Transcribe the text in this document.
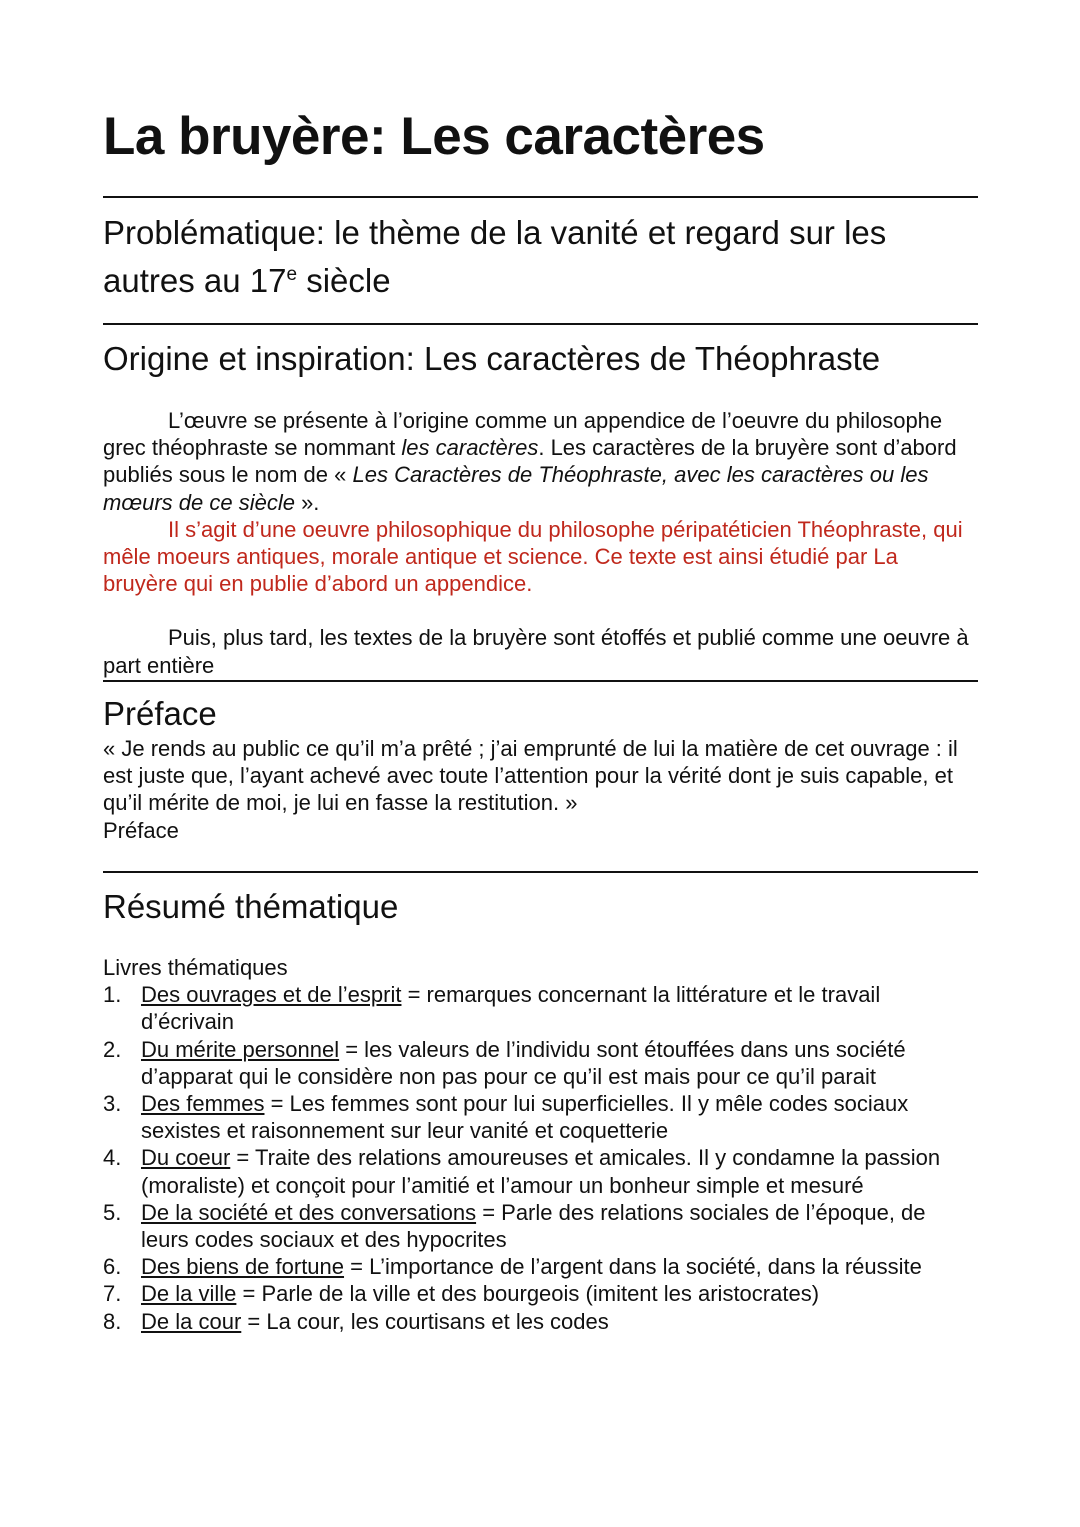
La bruyère: Les caractères
Problématique: le thème de la vanité et regard sur les autres au 17e siècle
Origine et inspiration: Les caractères de Théophraste

L’œuvre se présente à l’origine comme un appendice de l’oeuvre du philosophe grec théophraste se nommant les caractères. Les caractères de la bruyère sont d’abord publiés sous le nom de « Les Caractères de Théophraste, avec les caractères ou les mœurs de ce siècle ».

Il s’agit d’une oeuvre philosophique du philosophe péripatéticien Théophraste, qui mêle moeurs antiques, morale antique et science. Ce texte est ainsi étudié par La bruyère qui en publie d’abord un appendice.

Puis, plus tard, les textes de la bruyère sont étoffés et publié comme une oeuvre à part entière

Préface

« Je rends au public ce qu’il m’a prêté ; j’ai emprunté de lui la matière de cet ouvrage : il est juste que, l’ayant achevé avec toute l’attention pour la vérité dont je suis capable, et qu’il mérite de moi, je lui en fasse la restitution. »

Préface

Résumé thématique

Livres thématiques

1. Des ouvrages et de l’esprit = remarques concernant la littérature et le travail d’écrivain
2. Du mérite personnel = les valeurs de l’individu sont étouffées dans uns société d’apparat qui le considère non pas pour ce qu’il est mais pour ce qu’il parait
3. Des femmes = Les femmes sont pour lui superficielles. Il y mêle codes sociaux sexistes et raisonnement sur leur vanité et coquetterie
4. Du coeur = Traite des relations amoureuses et amicales. Il y condamne la passion (moraliste) et conçoit pour l’amitié et l’amour un bonheur simple et mesuré
5. De la société et des conversations = Parle des relations sociales de l’époque, de leurs codes sociaux et des hypocrites
6. Des biens de fortune = L’importance de l’argent dans la société, dans la réussite
7. De la ville = Parle de la ville et des bourgeois (imitent les aristocrates)
8. De la cour = La cour, les courtisans et les codes
